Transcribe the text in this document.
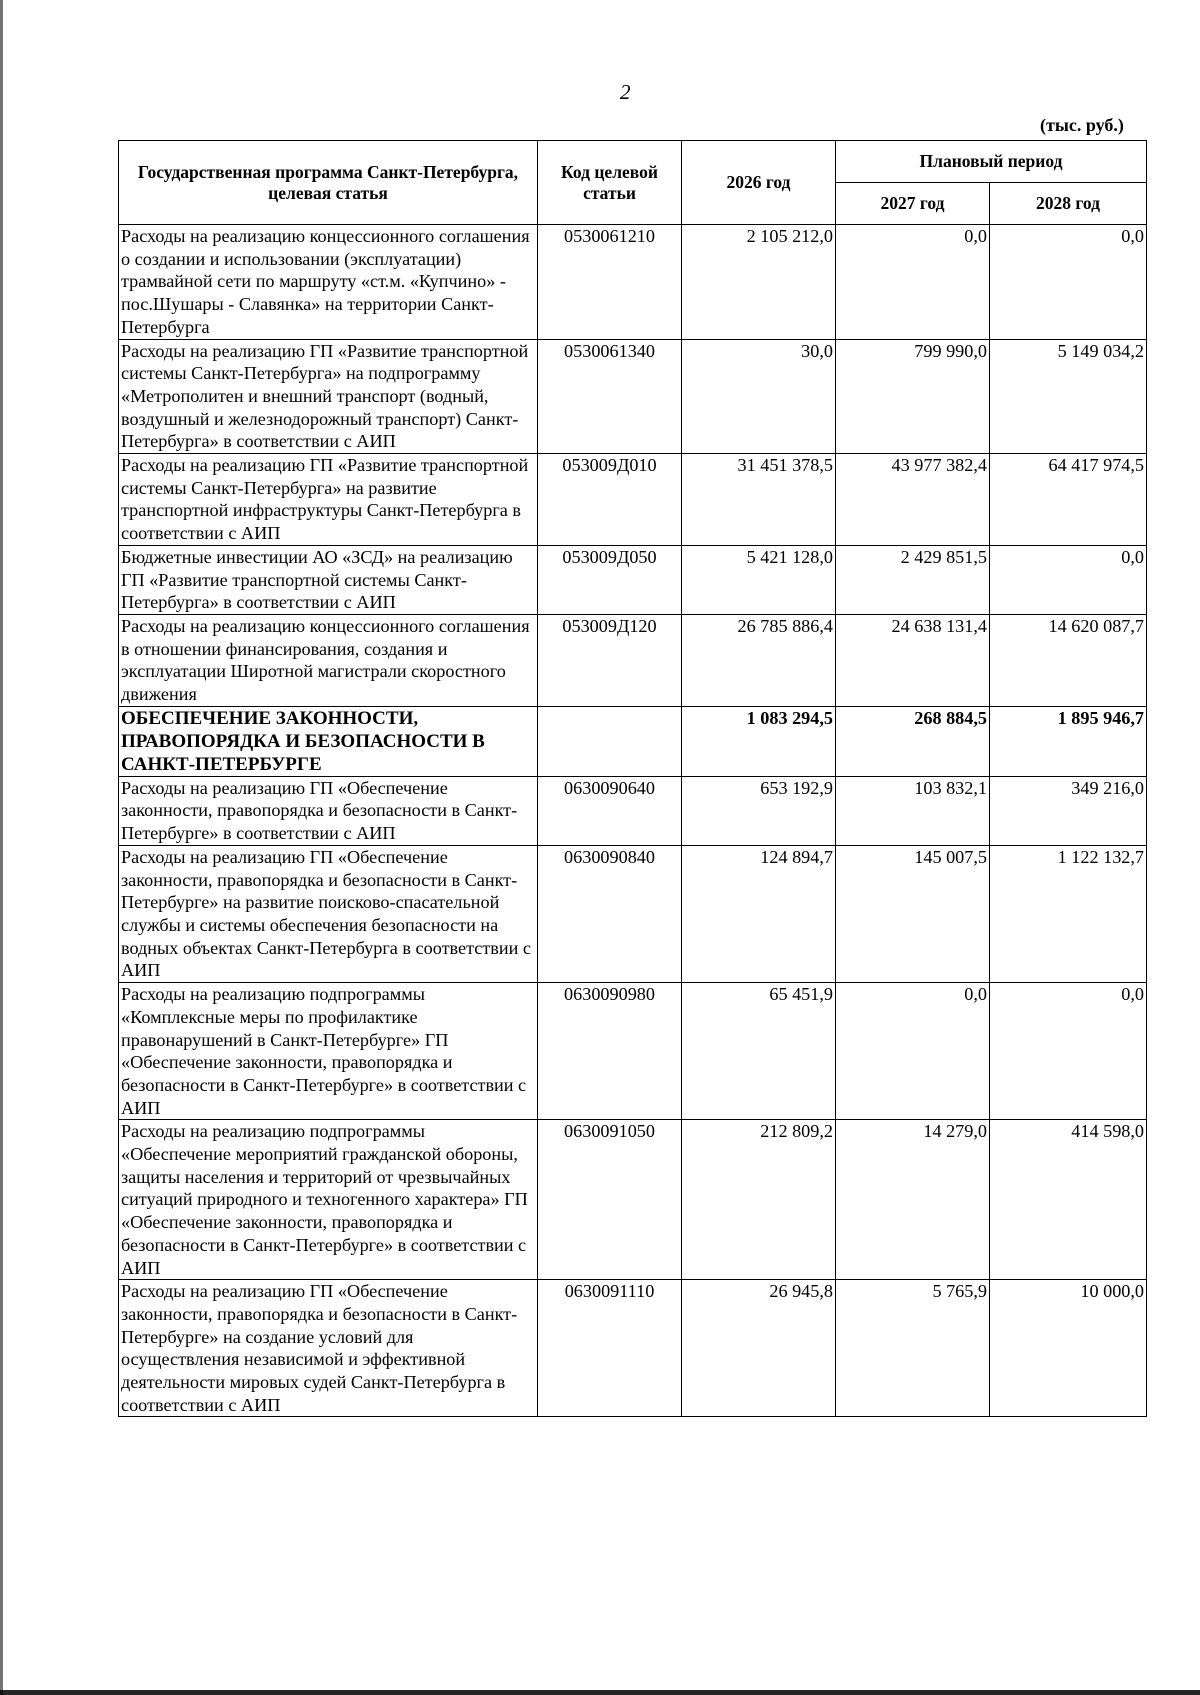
2
(тыс. руб.)
Государственная программа Санкт-Петербурга, целевая статья	Код целевой статьи	2026 год	Плановый период	
			2027 год	2028 год
Расходы на реализацию концессионного соглашения о создании и использовании (эксплуатации) трамвайной сети по маршруту «ст.м. «Купчино» - пос.Шушары - Славянка» на территории Санкт-Петербурга	0530061210	2 105 212,0	0,0	0,0
Расходы на реализацию ГП «Развитие транспортной системы Санкт-Петербурга» на подпрограмму «Метрополитен и внешний транспорт (водный, воздушный и железнодорожный транспорт) Санкт-Петербурга» в соответствии с АИП	0530061340	30,0	799 990,0	5 149 034,2
Расходы на реализацию ГП «Развитие транспортной системы Санкт-Петербурга» на развитие транспортной инфраструктуры Санкт-Петербурга в соответствии с АИП	053009Д010	31 451 378,5	43 977 382,4	64 417 974,5
Бюджетные инвестиции АО «ЗСД» на реализацию ГП «Развитие транспортной системы Санкт-Петербурга» в соответствии с АИП	053009Д050	5 421 128,0	2 429 851,5	0,0
Расходы на реализацию концессионного соглашения в отношении финансирования, создания и эксплуатации Широтной магистрали скоростного движения	053009Д120	26 785 886,4	24 638 131,4	14 620 087,7
ОБЕСПЕЧЕНИЕ ЗАКОННОСТИ, ПРАВОПОРЯДКА И БЕЗОПАСНОСТИ В САНКТ-ПЕТЕРБУРГЕ		1 083 294,5	268 884,5	1 895 946,7
Расходы на реализацию ГП «Обеспечение законности, правопорядка и безопасности в Санкт-Петербурге» в соответствии с АИП	0630090640	653 192,9	103 832,1	349 216,0
Расходы на реализацию ГП «Обеспечение законности, правопорядка и безопасности в Санкт-Петербурге» на развитие поисково-спасательной службы и системы обеспечения безопасности на водных объектах Санкт-Петербурга в соответствии с АИП	0630090840	124 894,7	145 007,5	1 122 132,7
Расходы на реализацию подпрограммы «Комплексные меры по профилактике правонарушений в Санкт-Петербурге» ГП «Обеспечение законности, правопорядка и безопасности в Санкт-Петербурге» в соответствии с АИП	0630090980	65 451,9	0,0	0,0
Расходы на реализацию подпрограммы «Обеспечение мероприятий гражданской обороны, защиты населения и территорий от чрезвычайных ситуаций природного и техногенного характера» ГП «Обеспечение законности, правопорядка и безопасности в Санкт-Петербурге» в соответствии с АИП	0630091050	212 809,2	14 279,0	414 598,0
Расходы на реализацию ГП «Обеспечение законности, правопорядка и безопасности в Санкт-Петербурге» на создание условий для осуществления независимой и эффективной деятельности мировых судей Санкт-Петербурга в соответствии с АИП	0630091110	26 945,8	5 765,9	10 000,0
